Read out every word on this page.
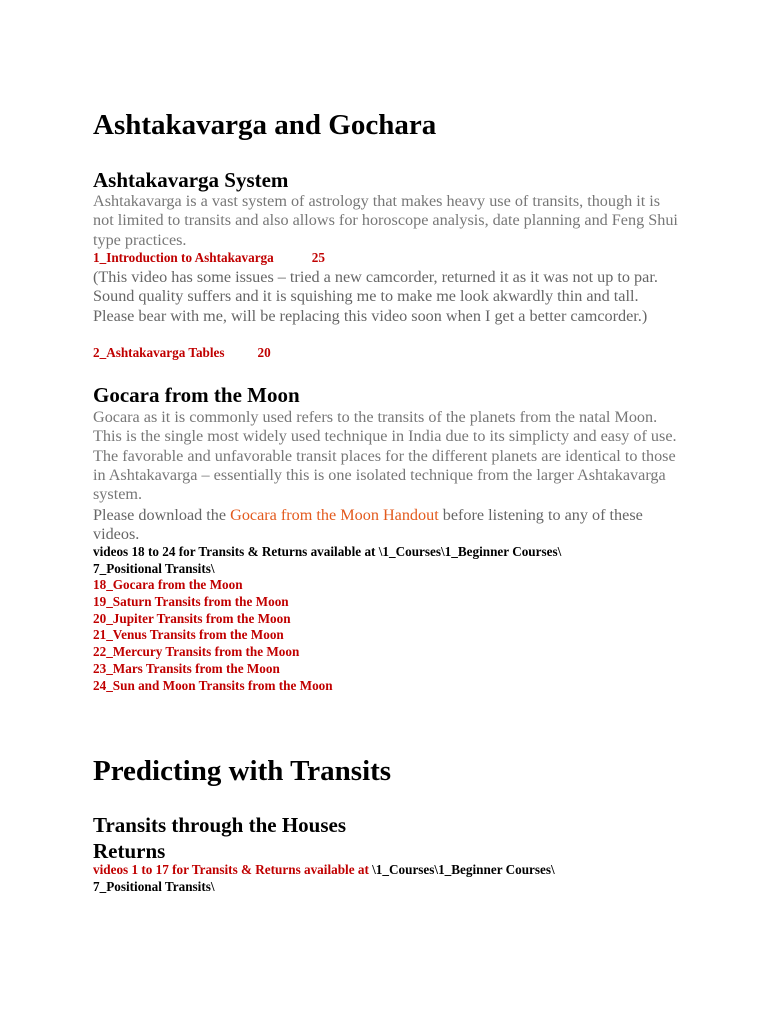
Ashtakavarga and Gochara
Ashtakavarga System
Ashtakavarga is a vast system of astrology that makes heavy use of transits, though it is not limited to transits and also allows for horoscope analysis, date planning and Feng Shui type practices.
1_Introduction to Ashtakavarga	25
(This video has some issues – tried a new camcorder, returned it as it was not up to par. Sound quality suffers and it is squishing me to make me look akwardly thin and tall. Please bear with me, will be replacing this video soon when I get a better camcorder.)
2_Ashtakavarga Tables	20
Gocara from the Moon
Gocara as it is commonly used refers to the transits of the planets from the natal Moon. This is the single most widely used technique in India due to its simplicty and easy of use. The favorable and unfavorable transit places for the different planets are identical to those in Ashtakavarga – essentially this is one isolated technique from the larger Ashtakavarga system.
Please download the Gocara from the Moon Handout before listening to any of these videos.
videos 18 to 24 for Transits & Returns available at \1_Courses\1_Beginner Courses\
7_Positional Transits\
18_Gocara from the Moon
19_Saturn Transits from the Moon
20_Jupiter Transits from the Moon
21_Venus Transits from the Moon
22_Mercury Transits from the Moon
23_Mars Transits from the Moon
24_Sun and Moon Transits from the Moon
Predicting with Transits
Transits through the Houses
Returns
videos 1 to 17 for Transits & Returns available at \1_Courses\1_Beginner Courses\
7_Positional Transits\
